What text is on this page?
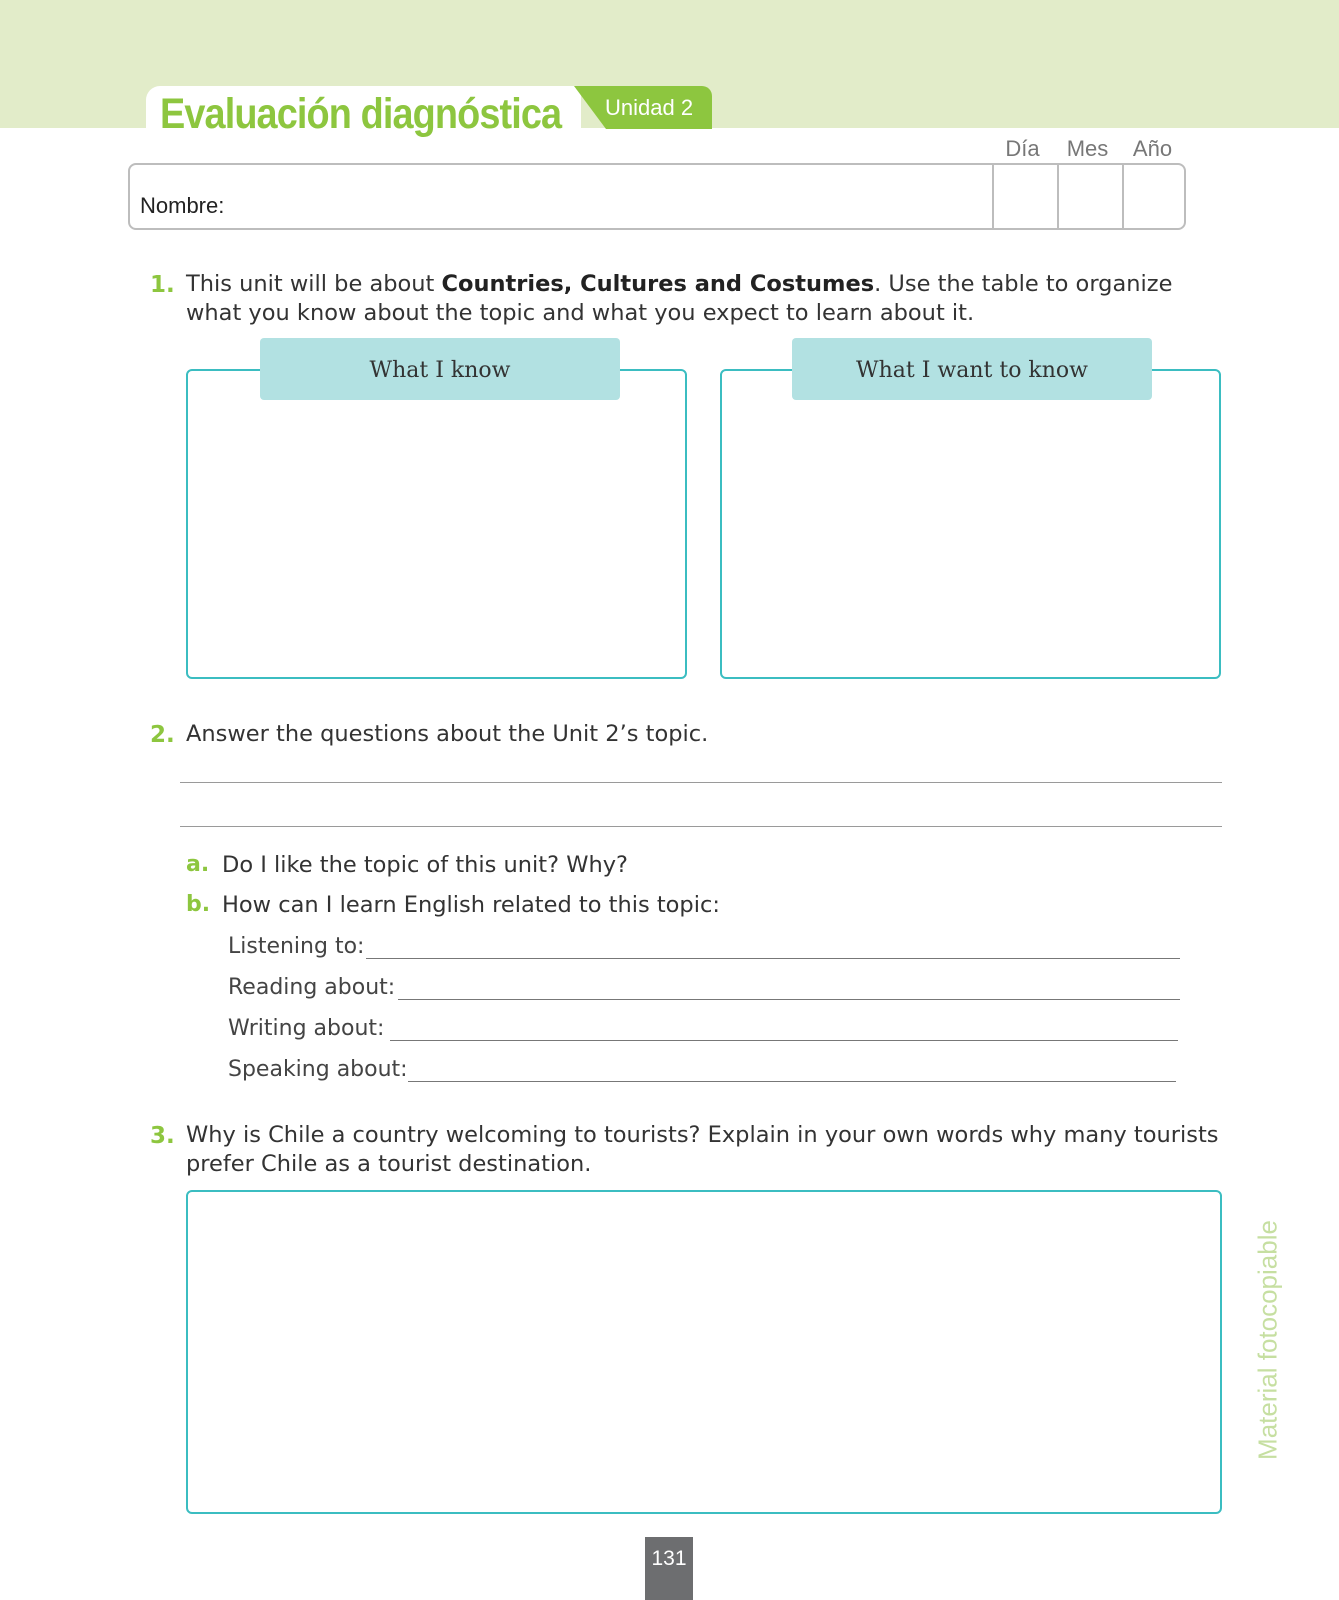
Evaluación diagnóstica Unidad 2
Día	Mes	Año
Nombre:
1. This unit will be about Countries, Cultures and Costumes. Use the table to organize what you know about the topic and what you expect to learn about it.
What I know	What I want to know
2. Answer the questions about the Unit 2’s topic.
a. Do I like the topic of this unit? Why?
b. How can I learn English related to this topic:
Listening to:
Reading about:
Writing about:
Speaking about:
3. Why is Chile a country welcoming to tourists? Explain in your own words why many tourists prefer Chile as a tourist destination.
Material fotocopiable
131
